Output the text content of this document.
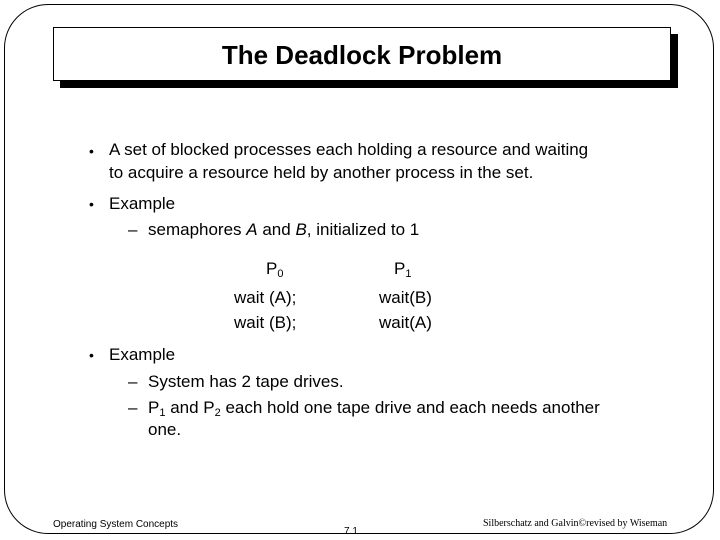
The Deadlock Problem
• A set of blocked processes each holding a resource and waiting
to acquire a resource held by another process in the set.
• Example
– semaphores A and B, initialized to 1
$P_0$
wait (A);
wait (B);
$P_1$
wait(B)
wait(A)
• Example
– System has 2 tape drives.
– $P_1$ and $P_2$ each hold one tape drive and each needs another
one.
Operating System Concepts
7.1
Silberschatz and Galvin©revised by Wiseman
